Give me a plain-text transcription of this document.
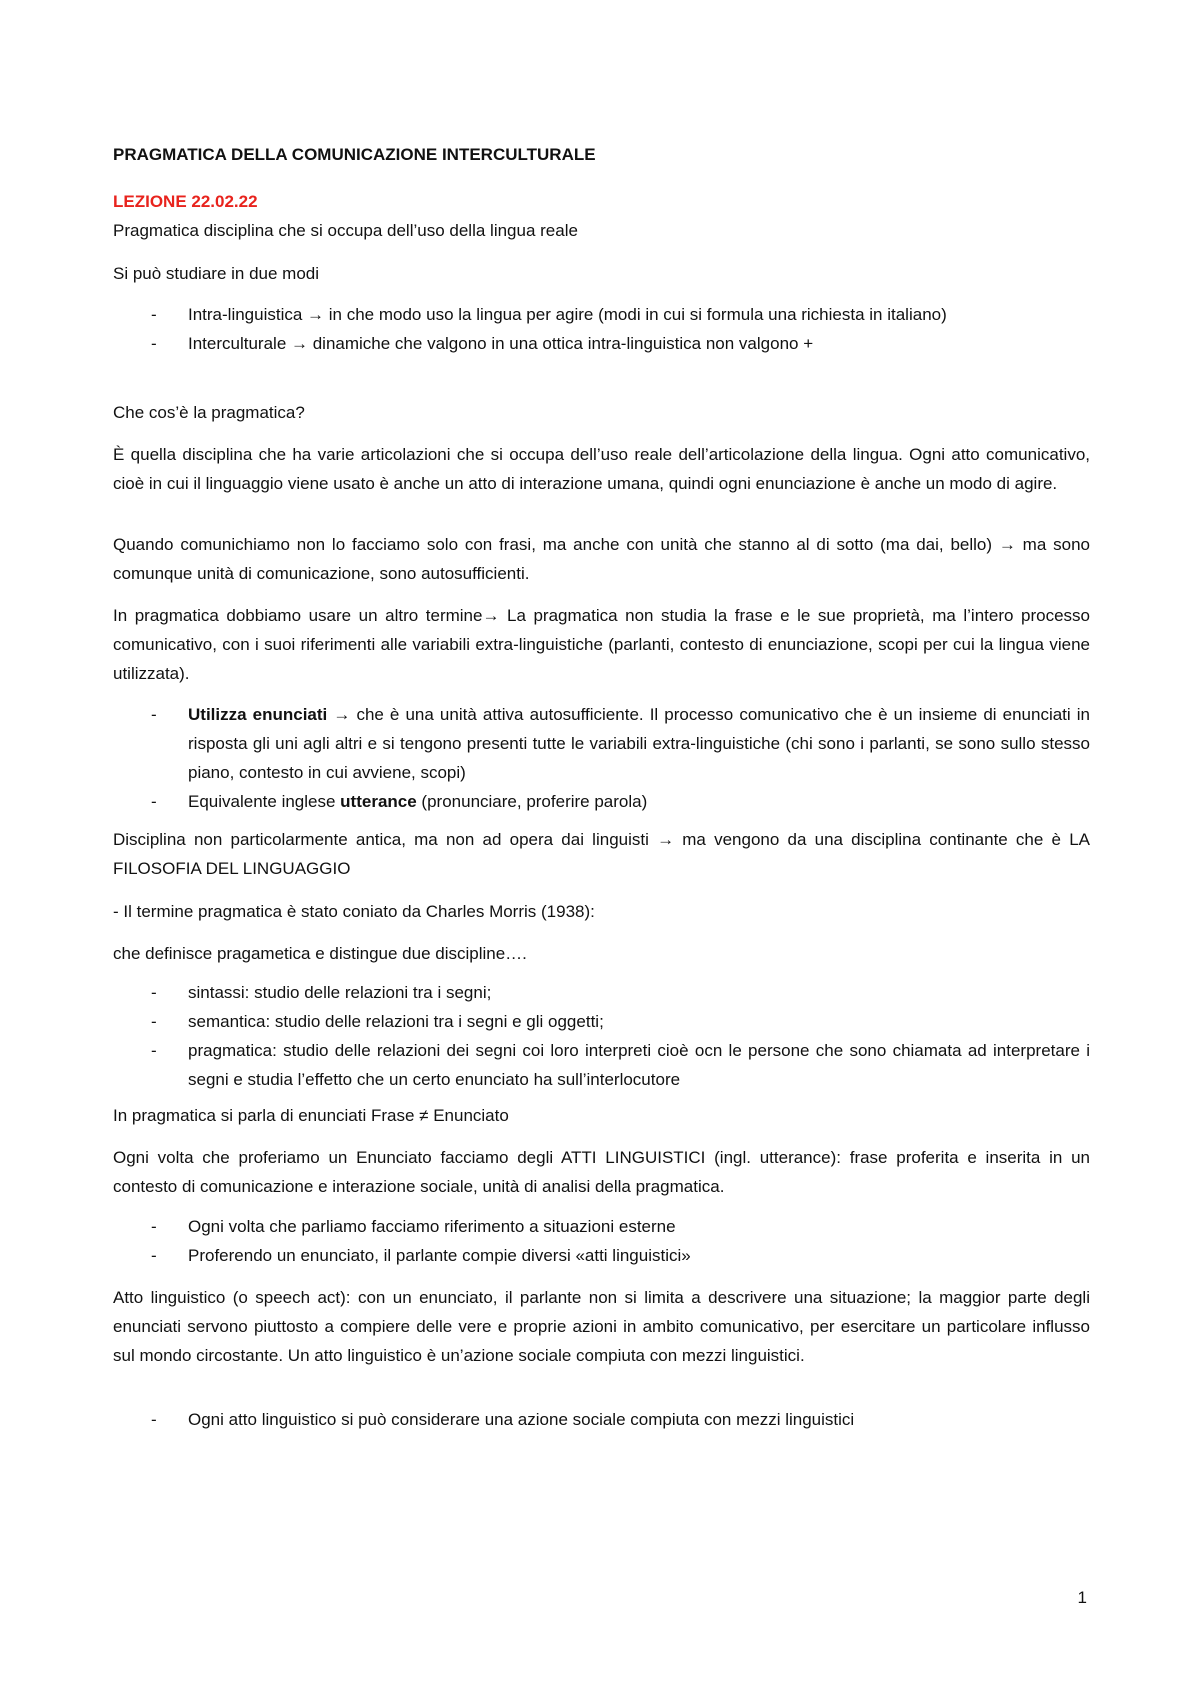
PRAGMATICA DELLA COMUNICAZIONE INTERCULTURALE
LEZIONE 22.02.22

Pragmatica disciplina che si occupa dell’uso della lingua reale

Si può studiare in due modi

- Intra-linguistica → in che modo uso la lingua per agire (modi in cui si formula una richiesta in italiano)
- Interculturale → dinamiche che valgono in una ottica intra-linguistica non valgono +

Che cos’è la pragmatica?

È quella disciplina che ha varie articolazioni che si occupa dell’uso reale dell’articolazione della lingua. Ogni atto comunicativo, cioè in cui il linguaggio viene usato è anche un atto di interazione umana, quindi ogni enunciazione è anche un modo di agire.

Quando comunichiamo non lo facciamo solo con frasi, ma anche con unità che stanno al di sotto (ma dai, bello) → ma sono comunque unità di comunicazione, sono autosufficienti.

In pragmatica dobbiamo usare un altro termine→ La pragmatica non studia la frase e le sue proprietà, ma l’intero processo comunicativo, con i suoi riferimenti alle variabili extra-linguistiche (parlanti, contesto di enunciazione, scopi per cui la lingua viene utilizzata).

- Utilizza enunciati → che è una unità attiva autosufficiente. Il processo comunicativo che è un insieme di enunciati in risposta gli uni agli altri e si tengono presenti tutte le variabili extra-linguistiche (chi sono i parlanti, se sono sullo stesso piano, contesto in cui avviene, scopi)
- Equivalente inglese utterance (pronunciare, proferire parola)

Disciplina non particolarmente antica, ma non ad opera dai linguisti → ma vengono da una disciplina continante che è LA FILOSOFIA DEL LINGUAGGIO

- Il termine pragmatica è stato coniato da Charles Morris (1938):

che definisce pragametica e distingue due discipline….

- sintassi: studio delle relazioni tra i segni;
- semantica: studio delle relazioni tra i segni e gli oggetti;
- pragmatica: studio delle relazioni dei segni coi loro interpreti cioè ocn le persone che sono chiamata ad interpretare i segni e studia l’effetto che un certo enunciato ha sull’interlocutore

In pragmatica si parla di enunciati Frase ≠ Enunciato

Ogni volta che proferiamo un Enunciato facciamo degli ATTI LINGUISTICI (ingl. utterance): frase proferita e inserita in un contesto di comunicazione e interazione sociale, unità di analisi della pragmatica.

- Ogni volta che parliamo facciamo riferimento a situazioni esterne
- Proferendo un enunciato, il parlante compie diversi «atti linguistici»

Atto linguistico (o speech act): con un enunciato, il parlante non si limita a descrivere una situazione; la maggior parte degli enunciati servono piuttosto a compiere delle vere e proprie azioni in ambito comunicativo, per esercitare un particolare influsso sul mondo circostante. Un atto linguistico è un’azione sociale compiuta con mezzi linguistici.

- Ogni atto linguistico si può considerare una azione sociale compiuta con mezzi linguistici
1
